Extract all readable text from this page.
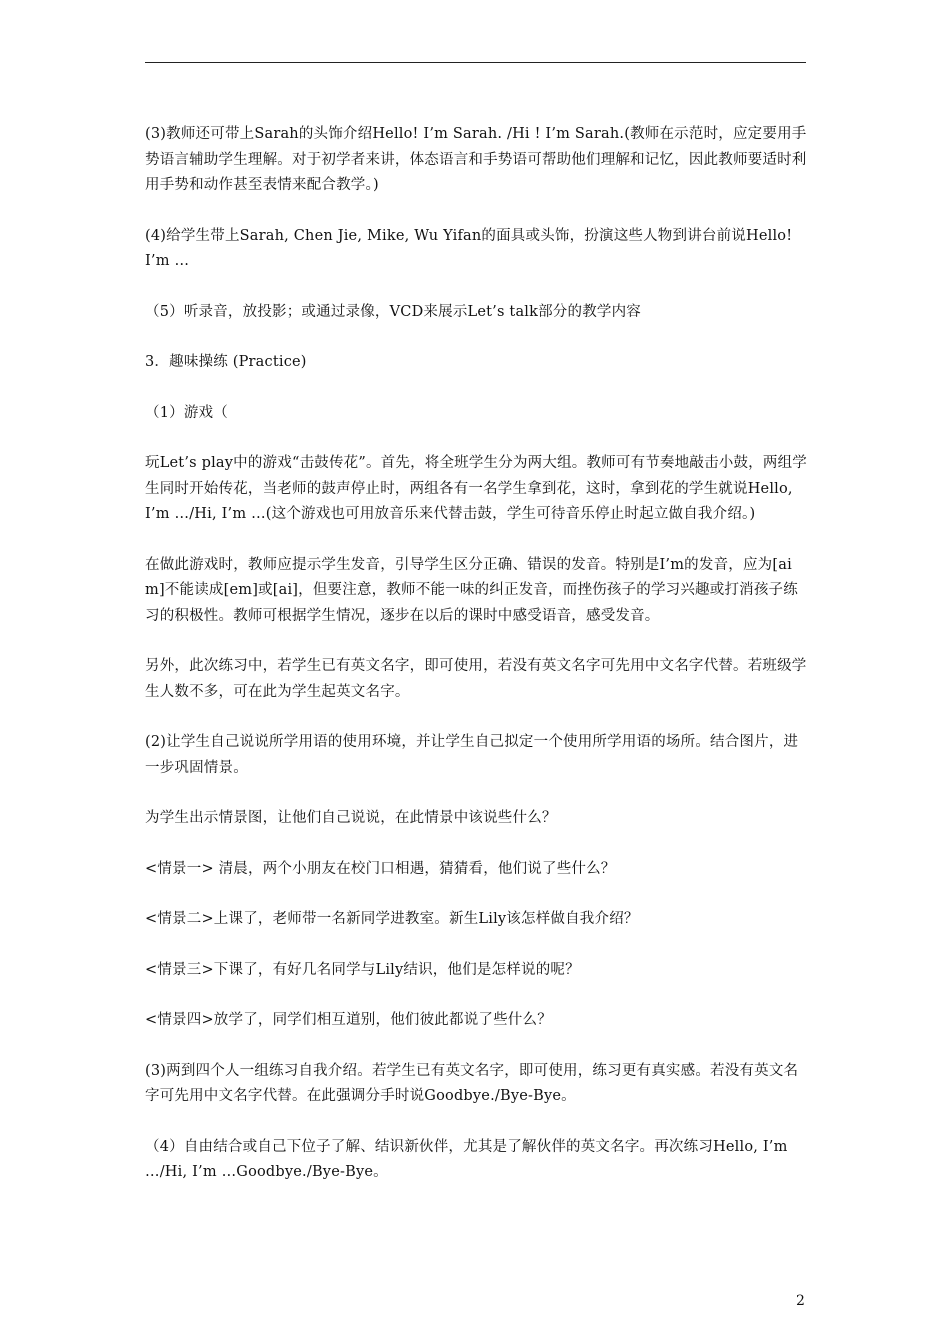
(3)教师还可带上Sarah的头饰介绍Hello! I’m Sarah. /Hi ! I’m Sarah.(教师在示范时，应定要用手势语言辅助学生理解。对于初学者来讲，体态语言和手势语可帮助他们理解和记忆，因此教师要适时利用手势和动作甚至表情来配合教学。)

(4)给学生带上Sarah, Chen Jie, Mike, Wu Yifan的面具或头饰，扮演这些人物到讲台前说Hello! I’m …

（5）听录音，放投影；或通过录像，VCD来展示Let’s talk部分的教学内容

3．趣味操练 (Practice)

（1）游戏（

玩Let’s play中的游戏“击鼓传花”。首先，将全班学生分为两大组。教师可有节奏地敲击小鼓，两组学生同时开始传花，当老师的鼓声停止时，两组各有一名学生拿到花，这时，拿到花的学生就说Hello, I’m …/Hi, I’m …(这个游戏也可用放音乐来代替击鼓，学生可待音乐停止时起立做自我介绍。)

在做此游戏时，教师应提示学生发音，引导学生区分正确、错误的发音。特别是I’m的发音，应为[aim]不能读成[em]或[ai]，但要注意，教师不能一味的纠正发音，而挫伤孩子的学习兴趣或打消孩子练习的积极性。教师可根据学生情况，逐步在以后的课时中感受语音，感受发音。

另外，此次练习中，若学生已有英文名字，即可使用，若没有英文名字可先用中文名字代替。若班级学生人数不多，可在此为学生起英文名字。

(2)让学生自己说说所学用语的使用环境，并让学生自己拟定一个使用所学用语的场所。结合图片，进一步巩固情景。

为学生出示情景图，让他们自己说说，在此情景中该说些什么？

<情景一> 清晨，两个小朋友在校门口相遇，猜猜看，他们说了些什么？

<情景二>上课了，老师带一名新同学进教室。新生Lily该怎样做自我介绍？

<情景三>下课了，有好几名同学与Lily结识，他们是怎样说的呢？

<情景四>放学了，同学们相互道别，他们彼此都说了些什么？

(3)两到四个人一组练习自我介绍。若学生已有英文名字，即可使用，练习更有真实感。若没有英文名字可先用中文名字代替。在此强调分手时说Goodbye./Bye-Bye。

（4）自由结合或自己下位子了解、结识新伙伴，尤其是了解伙伴的英文名字。再次练习Hello, I’m …/Hi, I’m …Goodbye./Bye-Bye。

2
